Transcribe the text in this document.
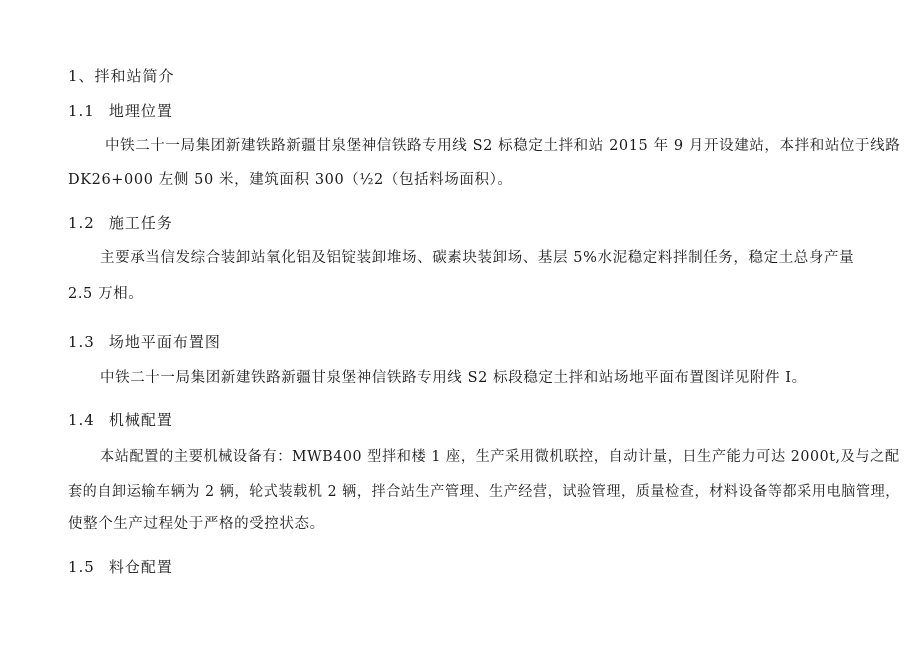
1、拌和站简介
1.1 地理位置
中铁二十一局集团新建铁路新疆甘泉堡神信铁路专用线 S2 标稳定土拌和站 2015 年 9 月开设建站，本拌和站位于线路
DK26+000 左侧 50 米，建筑面积 300（½2（包括料场面积）。
1.2 施工任务
主要承当信发综合装卸站氧化铝及铝锭装卸堆场、碳素块装卸场、基层 5%水泥稳定料拌制任务，稳定土总身产量
2.5 万相。
1.3 场地平面布置图
中铁二十一局集团新建铁路新疆甘泉堡神信铁路专用线 S2 标段稳定土拌和站场地平面布置图详见附件 I。
1.4 机械配置
本站配置的主要机械设备有：MWB400 型拌和楼 1 座，生产采用微机联控，自动计量，日生产能力可达 2000t,及与之配
套的自卸运输车辆为 2 辆，轮式装载机 2 辆，拌合站生产管理、生产经营，试验管理，质量检查，材料设备等都采用电脑管理，
使整个生产过程处于严格的受控状态。
1.5 料仓配置
